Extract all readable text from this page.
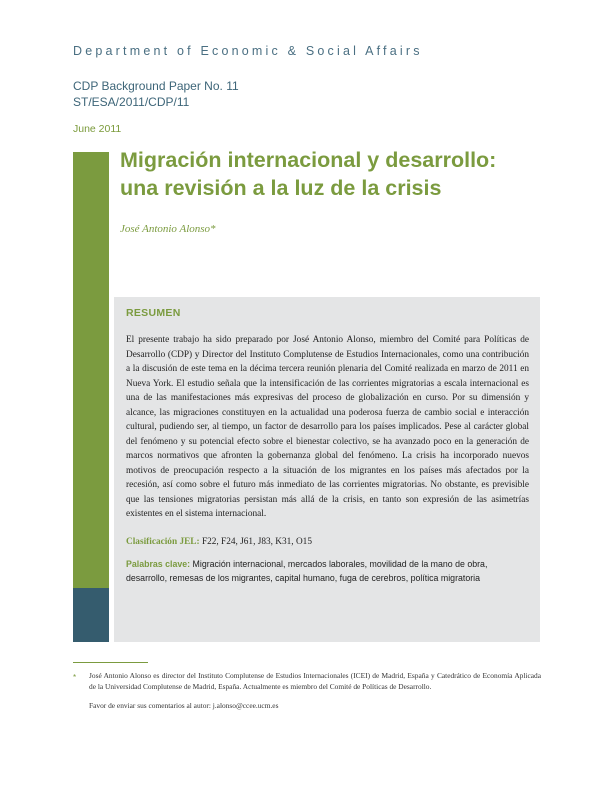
Department of Economic & Social Affairs
CDP Background Paper No. 11
ST/ESA/2011/CDP/11
June 2011
Migración internacional y desarrollo:
una revisión a la luz de la crisis
José Antonio Alonso*
RESUMEN
El presente trabajo ha sido preparado por José Antonio Alonso, miembro del Comité para Políticas de Desarrollo (CDP) y Director del Instituto Complutense de Estudios Internacionales, como una contribución a la discusión de este tema en la décima tercera reunión plenaria del Comité realizada en marzo de 2011 en Nueva York. El estudio señala que la intensificación de las corrientes migratorias a escala internacional es una de las manifestaciones más expresivas del proceso de globalización en curso. Por su dimensión y alcance, las migraciones constituyen en la actualidad una poderosa fuerza de cambio social e interacción cultural, pudiendo ser, al tiempo, un factor de desarrollo para los países implicados. Pese al carácter global del fenómeno y su potencial efecto sobre el bienestar colectivo, se ha avanzado poco en la generación de marcos normativos que afronten la gobernanza global del fenómeno. La crisis ha incorporado nuevos motivos de preocupación respecto a la situación de los migrantes en los países más afectados por la recesión, así como sobre el futuro más inmediato de las corrientes migratorias. No obstante, es previsible que las tensiones migratorias persistan más allá de la crisis, en tanto son expresión de las asimetrías existentes en el sistema internacional.
Clasificación JEL: F22, F24, J61, J83, K31, O15
Palabras clave: Migración internacional, mercados laborales, movilidad de la mano de obra, desarrollo, remesas de los migrantes, capital humano, fuga de cerebros, política migratoria
* José Antonio Alonso es director del Instituto Complutense de Estudios Internacionales (ICEI) de Madrid, España y Catedrático de Economía Aplicada de la Universidad Complutense de Madrid, España. Actualmente es miembro del Comité de Políticas de Desarrollo.
Favor de enviar sus comentarios al autor: j.alonso@ccee.ucm.es
